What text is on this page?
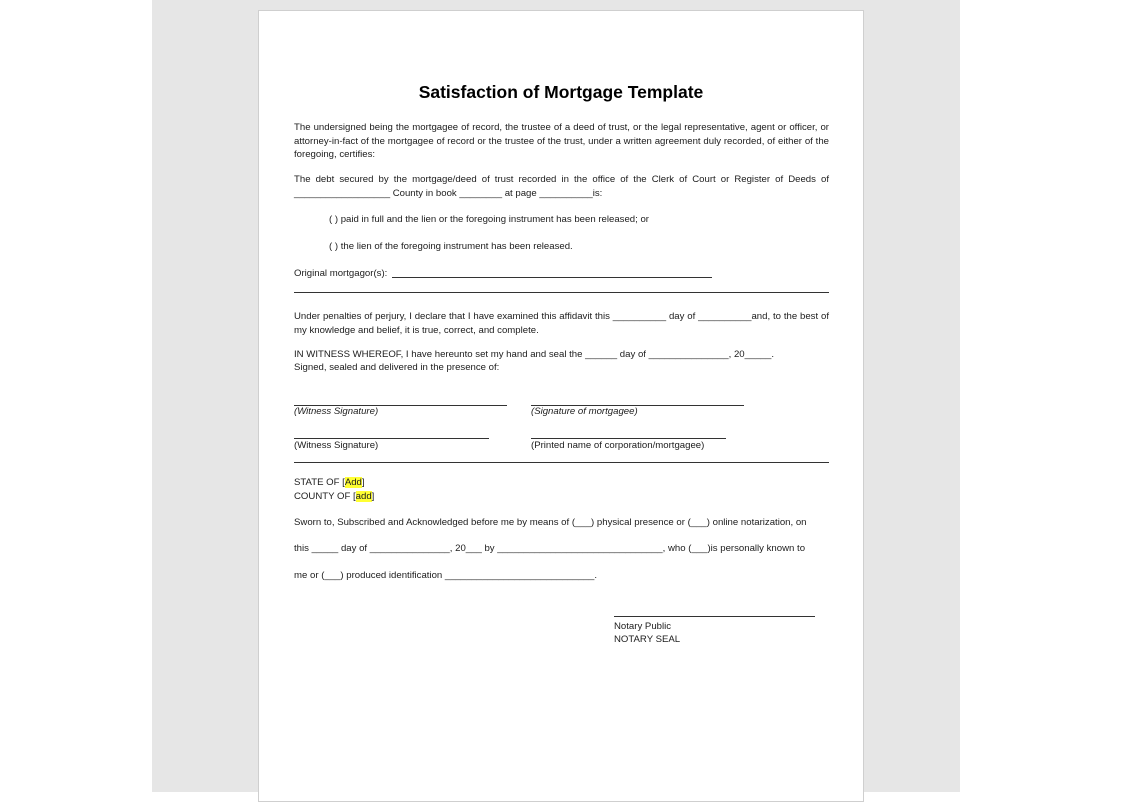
Satisfaction of Mortgage Template
The undersigned being the mortgagee of record, the trustee of a deed of trust, or the legal representative, agent or officer, or attorney-in-fact of the mortgagee of record or the trustee of the trust, under a written agreement duly recorded, of either of the foregoing, certifies:
The debt secured by the mortgage/deed of trust recorded in the office of the Clerk of Court or Register of Deeds of
__________________ County in book ________ at page __________is:
( ) paid in full and the lien or the foregoing instrument has been released; or
( ) the lien of the foregoing instrument has been released.
Original mortgagor(s):
Under penalties of perjury, I declare that I have examined this affidavit this __________ day of __________and, to the best of my knowledge and belief, it is true, correct, and complete.
IN WITNESS WHEREOF, I have hereunto set my hand and seal the ______ day of _______________, 20_____.
Signed, sealed and delivered in the presence of:
(Witness Signature)	(Signature of mortgagee)
(Witness Signature)	(Printed name of corporation/mortgagee)
STATE OF [Add]
COUNTY OF [add]
Sworn to, Subscribed and Acknowledged before me by means of (___) physical presence or (___) online notarization, on
this _____ day of _______________, 20___ by _______________________________, who (___)is personally known to
me or (___) produced identification ____________________________.
Notary Public
NOTARY SEAL
